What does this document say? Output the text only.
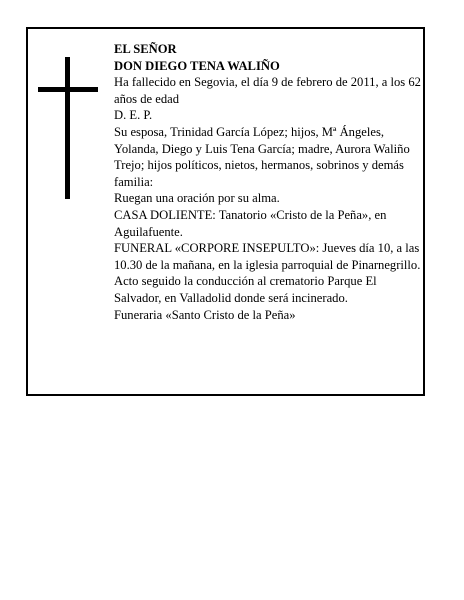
EL SEÑOR

DON DIEGO TENA WALIÑO

Ha fallecido en Segovia, el día 9 de febrero de 2011, a los 62 años de edad

D. E. P.

Su esposa, Trinidad García López; hijos, Mª Ángeles, Yolanda, Diego y Luis Tena García; madre, Aurora Waliño Trejo; hijos políticos, nietos, hermanos, sobrinos y demás familia:

Ruegan una oración por su alma.

CASA DOLIENTE: Tanatorio «Cristo de la Peña», en Aguilafuente.

FUNERAL «CORPORE INSEPULTO»: Jueves día 10, a las 10.30 de la mañana, en la iglesia parroquial de Pinarnegrillo. Acto seguido la conducción al crematorio Parque El Salvador, en Valladolid donde será incinerado.

Funeraria «Santo Cristo de la Peña»
